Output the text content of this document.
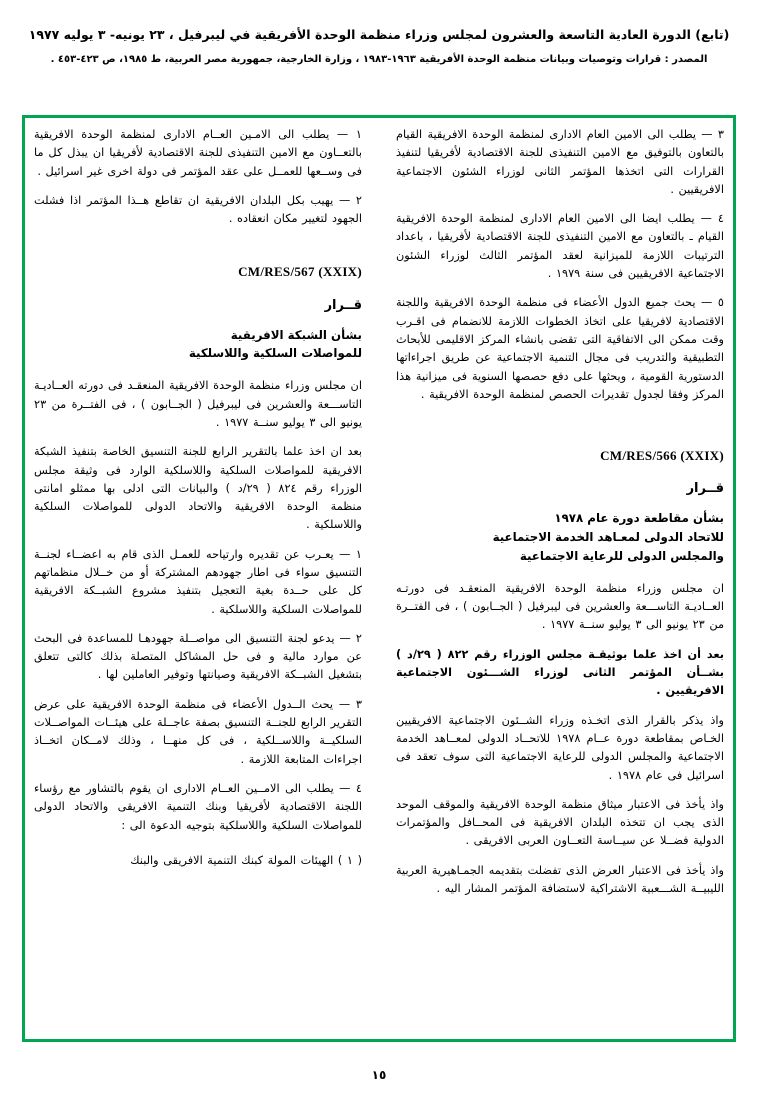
(تابع) الدورة العادية التاسعة والعشرون لمجلس وزراء منظمة الوحدة الأفريقية في ليبرفيل ، ٢٣ يونيه- ٣ يوليه ١٩٧٧
المصدر : قرارات وتوصيات وبيانات منظمة الوحدة الأفريقية ١٩٦٣-١٩٨٣ ، وزارة الخارجية، جمهورية مصر العربية، ط ١٩٨٥، ص ٤٢٣-٤٥٣ .

٣ — يطلب الى الامين العام الادارى لمنظمة الوحدة الافريقية القيام بالتعاون بالتوفيق مع الامين التنفيذى للجنة الاقتصادية لأفريقيا لتنفيذ القرارات التى اتخذها المؤتمر الثانى لوزراء الشئون الاجتماعية الافريقيين .

٤ — يطلب ايضا الى الامين العام الادارى لمنظمة الوحدة الافريقية القيام ـ بالتعاون مع الامين التنفيذى للجنة الاقتصادية لأفريقيا ، باعداد الترتيبات اللازمة للميزانية لعقد المؤتمر الثالث لوزراء الشئون الاجتماعية الافريقيين فى سنة ١٩٧٩ .

٥ — يحث جميع الدول الأعضاء فى منظمة الوحدة الافريقية واللجنة الاقتصادية لافريقيا على اتخاذ الخطوات اللازمة للانضمام فى اقـرب وقت ممكن الى الاتفاقية التى تقضى بانشاء المركز الاقليمى للأبحاث التطبيقية والتدريب فى مجال التنمية الاجتماعية عن طريق اجراءاتها الدستورية القومية ، ويحثها على دفع حصصها السنوية فى ميزانية هذا المركز وفقا لجدول تقديرات الحصص لمنظمة الوحدة الافريقية .

CM/RES/566 (XXIX)
قــرار
بشأن مقاطعة دورة عام ١٩٧٨
للاتحاد الدولى لمعـاهد الخدمة الاجتماعية
والمجلس الدولى للرعاية الاجتماعية

ان مجلس وزراء منظمة الوحدة الافريقية المنعقـد فى دورتـه العــاديـة التاســـعة والعشرين فى ليبرفيل ( الجــابون ) ، فى الفتــرة من ٢٣ يونيو الى ٣ يوليو سنــة ١٩٧٧ .

بعد أن اخذ علما بوثيقـة مجلس الوزراء رقم ٨٢٢ ( ٢٩/د ) بشــأن المؤتمر الثانى لوزراء الشـــئون الاجتماعية الافريقيين .

واذ يذكر بالقرار الذى اتخـذه وزراء الشــئون الاجتماعية الافريقيين الخـاص بمقاطعة دورة عــام ١٩٧٨ للاتحــاد الدولى لمعــاهد الخدمة الاجتماعية والمجلس الدولى للرعاية الاجتماعية التى سوف تعقد فى اسرائيل فى عام ١٩٧٨ .

واذ يأخذ فى الاعتبار ميثاق منظمة الوحدة الافريقية والموقف الموحد الذى يجب ان تتخذه البلدان الافريقية فى المحــافل والمؤتمرات الدولية فضــلا عن سيــاسة التعــاون العربى الافريقى .

واذ يأخذ فى الاعتبار العرض الذى تفضلت بتقديمه الجمـاهيرية العربية الليبيــة الشـــعبية الاشتراكية لاستضافة المؤتمر المشار اليه .

١ — يطلب الى الامـين العــام الادارى لمنظمة الوحدة الافريقية بالتعــاون مع الامين التنفيذى للجنة الاقتصادية لأفريقيا ان يبذل كل ما فى وســعها للعمــل على عقد المؤتمر فى دولة اخرى غير اسرائيل .

٢ — يهيب بكل البلدان الافريقية ان تقاطع هــذا المؤتمر اذا فشلت الجهود لتغيير مكان انعقاده .

CM/RES/567 (XXIX)
قــرار
بشأن الشبكة الافريقية
للمواصلات السلكية واللاسلكية

ان مجلس وزراء منظمة الوحدة الافريقية المنعقـد فى دورته العــاديـة التاســـعة والعشرين فى ليبرفيل ( الجــابون ) ، فى الفتــرة من ٢٣ يونيو الى ٣ يوليو سنــة ١٩٧٧ .

بعد ان اخذ علما بالتقرير الرابع للجنة التنسيق الخاصة بتنفيذ الشبكة الافريقية للمواصلات السلكية واللاسلكية الوارد فى وثيقة مجلس الوزراء رقم ٨٢٤ ( ٢٩/د ) والبيانات التى ادلى بها ممثلو امانتى منظمة الوحدة الافريقية والاتحاد الدولى للمواصلات السلكية واللاسلكية .

١ — يعـرب عن تقديره وارتياحه للعمـل الذى قام به اعضــاء لجنــة التنسيق سواء فى اطار جهودهم المشتركة أو من خــلال منظماتهم كل على حــدة بغية التعجيل بتنفيذ مشروع الشبــكة الافريقية للمواصلات السلكية واللاسلكية .

٢ — يدعو لجنة التنسيق الى مواصــلة جهودهـا للمساعدة فى البحث عن موارد مالية و فى حل المشاكل المتصلة بذلك كالتى تتعلق بتشغيل الشبــكة الافريقية وصيانتها وتوفير العاملين لها .

٣ — يحث الــدول الأعضاء فى منظمة الوحدة الافريقية على عرض التقرير الرابع للجنــة التنسيق بصفة عاجــلة على هيئــات المواصــلات السلكيــة واللاســلكية ، فى كل منهــا ، وذلك لامــكان اتخــاذ اجراءات المتابعة اللازمة .

٤ — يطلب الى الامــين العــام الادارى ان يقوم بالتشاور مع رؤساء اللجنة الاقتصادية لأفريقيا وبنك التنمية الافريقى والاتحاد الدولى للمواصلات السلكية واللاسلكية بتوجيه الدعوة الى :

( ١ ) الهيئات المولة كبنك التنمية الافريقى والبنك

١٥
